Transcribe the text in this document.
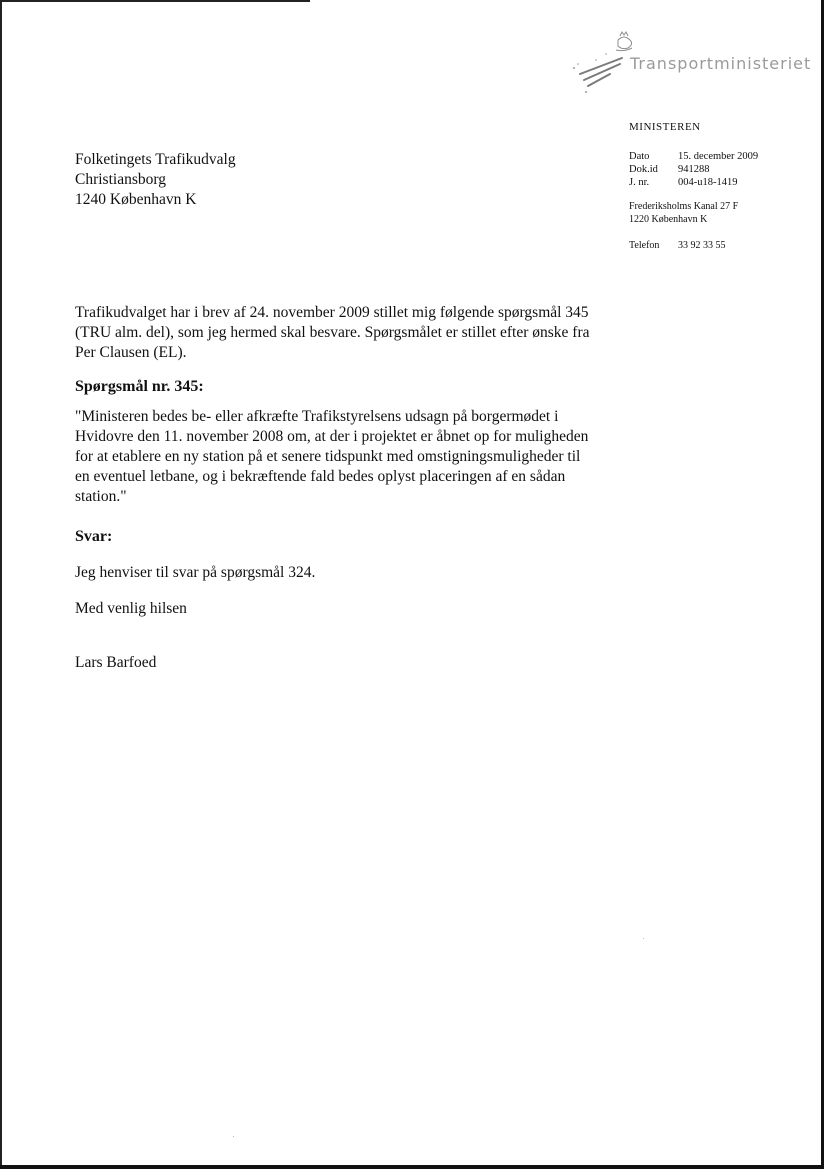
Transportministeriet
MINISTEREN
Dato	15. december 2009
Dok.id	941288
J. nr.	004-u18-1419
Frederiksholms Kanal 27 F
1220 København K
Telefon	33 92 33 55
Folketingets Trafikudvalg
Christiansborg
1240 København K

Trafikudvalget har i brev af 24. november 2009 stillet mig følgende spørgsmål 345 (TRU alm. del), som jeg hermed skal besvare. Spørgsmålet er stillet efter ønske fra Per Clausen (EL).

Spørgsmål nr. 345:

"Ministeren bedes be- eller afkræfte Trafikstyrelsens udsagn på borgermødet i Hvidovre den 11. november 2008 om, at der i projektet er åbnet op for muligheden for at etablere en ny station på et senere tidspunkt med omstigningsmuligheder til en eventuel letbane, og i bekræftende fald bedes oplyst placeringen af en sådan station."

Svar:

Jeg henviser til svar på spørgsmål 324.

Med venlig hilsen

Lars Barfoed
